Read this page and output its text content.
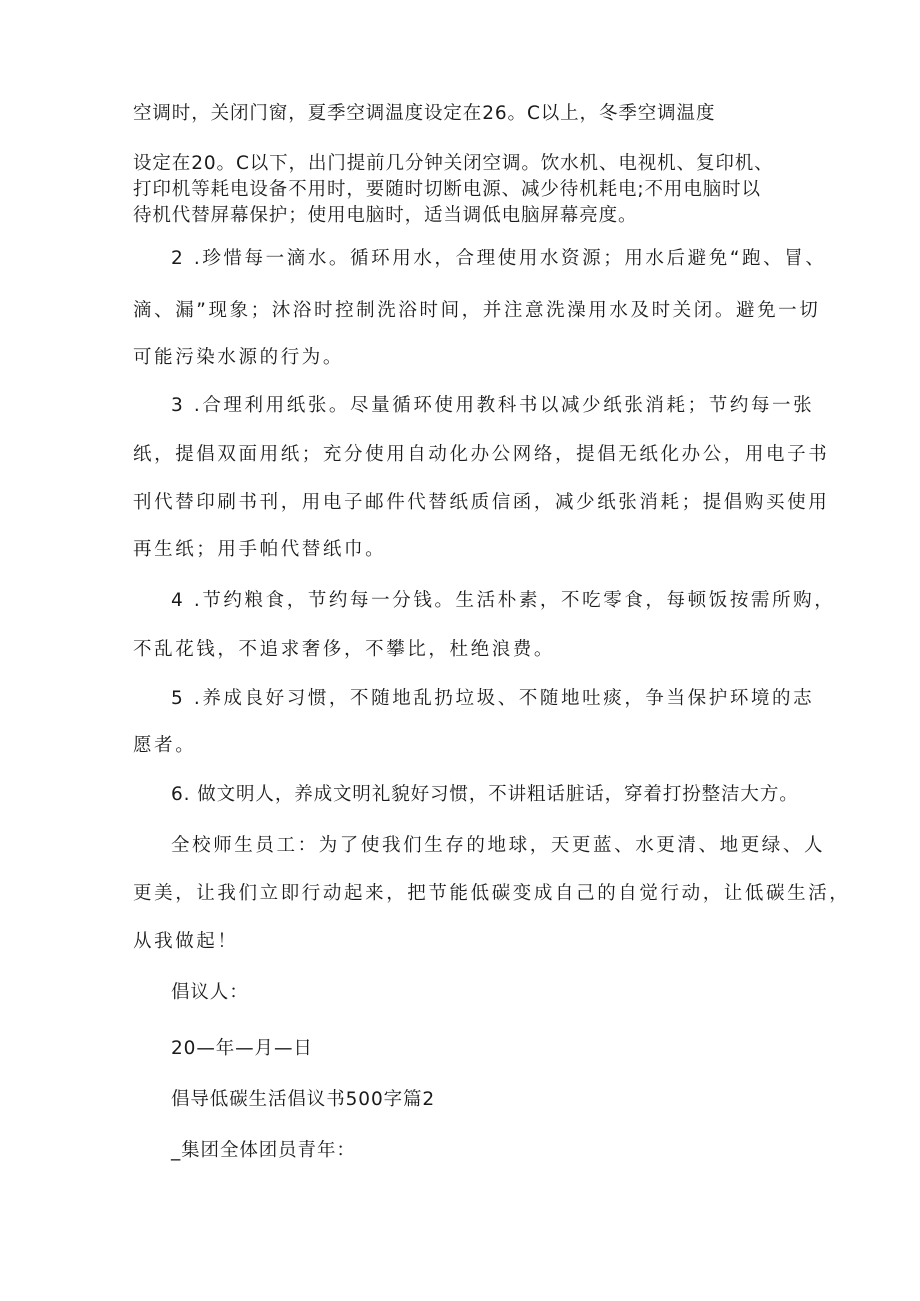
空调时，关闭门窗，夏季空调温度设定在26。C以上，冬季空调温度
设定在20。C以下，出门提前几分钟关闭空调。饮水机、电视机、复印机、
打印机等耗电设备不用时，要随时切断电源、减少待机耗电;不用电脑时以
待机代替屏幕保护；使用电脑时，适当调低电脑屏幕亮度。
2 .珍惜每一滴水。循环用水，合理使用水资源；用水后避免“跑、冒、
滴、漏”现象；沐浴时控制洗浴时间，并注意洗澡用水及时关闭。避免一切
可能污染水源的行为。
3 .合理利用纸张。尽量循环使用教科书以减少纸张消耗；节约每一张
纸，提倡双面用纸；充分使用自动化办公网络，提倡无纸化办公，用电子书
刊代替印刷书刊，用电子邮件代替纸质信函，减少纸张消耗；提倡购买使用
再生纸；用手帕代替纸巾。
4 .节约粮食，节约每一分钱。生活朴素，不吃零食，每顿饭按需所购，
不乱花钱，不追求奢侈，不攀比，杜绝浪费。
5 .养成良好习惯，不随地乱扔垃圾、不随地吐痰，争当保护环境的志
愿者。
6. 做文明人，养成文明礼貌好习惯，不讲粗话脏话，穿着打扮整洁大方。
全校师生员工：为了使我们生存的地球，天更蓝、水更清、地更绿、人
更美，让我们立即行动起来，把节能低碳变成自己的自觉行动，让低碳生活，
从我做起！
倡议人：
20—年—月—日
倡导低碳生活倡议书500字篇2
_集团全体团员青年：
